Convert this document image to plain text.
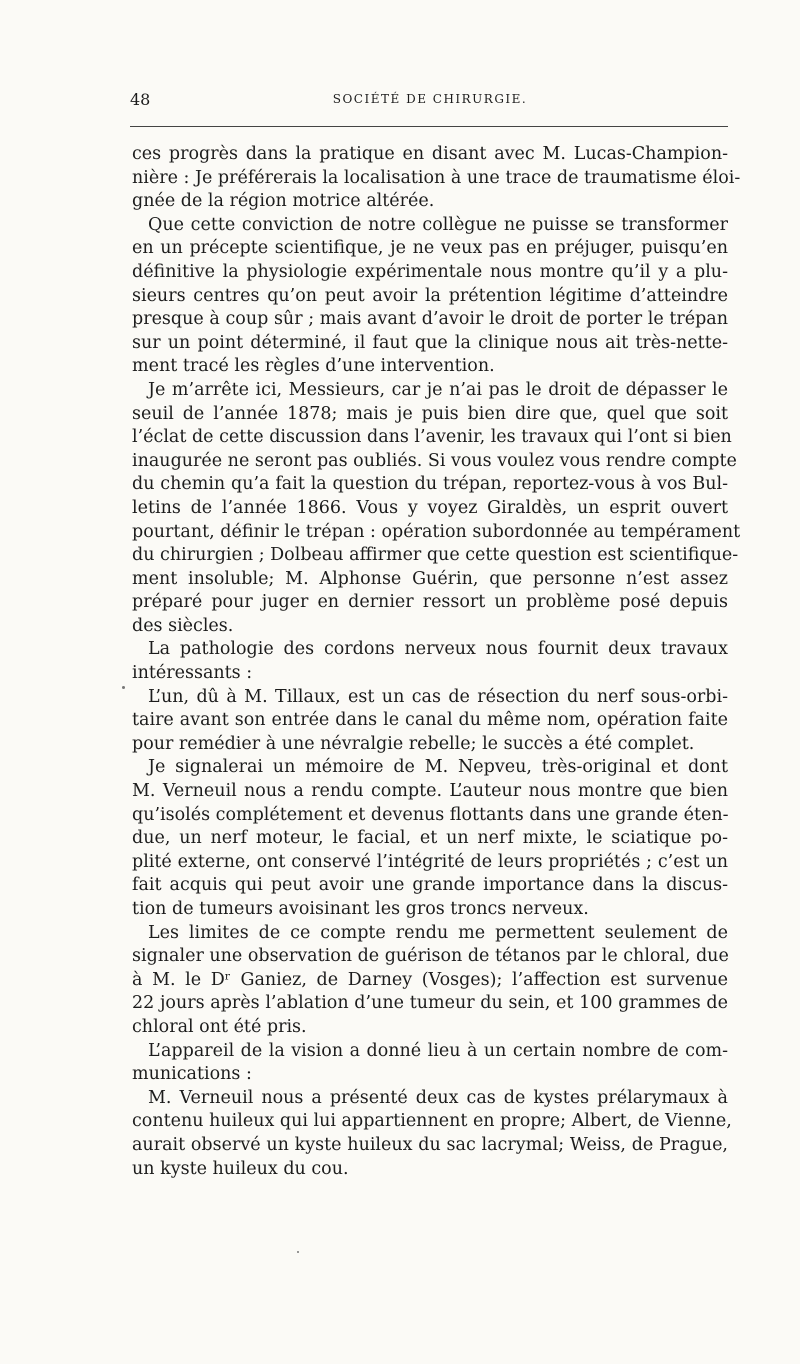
48	SOCIÉTÉ DE CHIRURGIE.
ces progrès dans la pratique en disant avec M. Lucas-Champion-
nière : Je préférerais la localisation à une trace de traumatisme éloi-
gnée de la région motrice altérée.
Que cette conviction de notre collègue ne puisse se transformer
en un précepte scientifique, je ne veux pas en préjuger, puisqu’en
définitive la physiologie expérimentale nous montre qu’il y a plu-
sieurs centres qu’on peut avoir la prétention légitime d’atteindre
presque à coup sûr ; mais avant d’avoir le droit de porter le trépan
sur un point déterminé, il faut que la clinique nous ait très-nette-
ment tracé les règles d’une intervention.
Je m’arrête ici, Messieurs, car je n’ai pas le droit de dépasser le
seuil de l’année 1878; mais je puis bien dire que, quel que soit
l’éclat de cette discussion dans l’avenir, les travaux qui l’ont si bien
inaugurée ne seront pas oubliés. Si vous voulez vous rendre compte
du chemin qu’a fait la question du trépan, reportez-vous à vos Bul-
letins de l’année 1866. Vous y voyez Giraldès, un esprit ouvert
pourtant, définir le trépan : opération subordonnée au tempérament
du chirurgien ; Dolbeau affirmer que cette question est scientifique-
ment insoluble; M. Alphonse Guérin, que personne n’est assez
préparé pour juger en dernier ressort un problème posé depuis
des siècles.
La pathologie des cordons nerveux nous fournit deux travaux
intéressants :
L’un, dû à M. Tillaux, est un cas de résection du nerf sous-orbi-
taire avant son entrée dans le canal du même nom, opération faite
pour remédier à une névralgie rebelle; le succès a été complet.
Je signalerai un mémoire de M. Nepveu, très-original et dont
M. Verneuil nous a rendu compte. L’auteur nous montre que bien
qu’isolés complétement et devenus flottants dans une grande éten-
due, un nerf moteur, le facial, et un nerf mixte, le sciatique po-
plité externe, ont conservé l’intégrité de leurs propriétés ; c’est un
fait acquis qui peut avoir une grande importance dans la discus-
tion de tumeurs avoisinant les gros troncs nerveux.
Les limites de ce compte rendu me permettent seulement de
signaler une observation de guérison de tétanos par le chloral, due
à M. le Dʳ Ganiez, de Darney (Vosges); l’affection est survenue
22 jours après l’ablation d’une tumeur du sein, et 100 grammes de
chloral ont été pris.
L’appareil de la vision a donné lieu à un certain nombre de com-
munications :
M. Verneuil nous a présenté deux cas de kystes prélarymaux à
contenu huileux qui lui appartiennent en propre; Albert, de Vienne,
aurait observé un kyste huileux du sac lacrymal; Weiss, de Prague,
un kyste huileux du cou.
